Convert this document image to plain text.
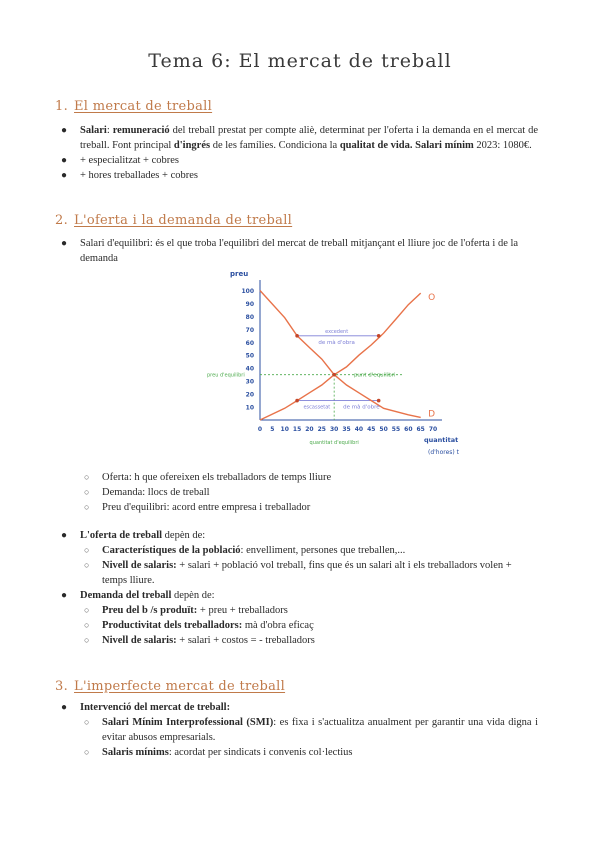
Tema 6: El mercat de treball
1. El mercat de treball
● Salari: remuneració del treball prestat per compte aliè, determinat per l'oferta i la demanda en el mercat de treball. Font principal d'ingrés de les famílies. Condiciona la qualitat de vida. Salari mínim 2023: 1080€.
● + especialitzat + cobres
● + hores treballades + cobres
2. L'oferta i la demanda de treball
● Salari d'equilibri: és el que troba l'equilibri del mercat de treball mitjançant el lliure joc de l'oferta i de la demanda
preu
quantitat
(d'hores) t
10
20
30
40
50
60
70
80
90
100
0 5 10 15 20 25 30 35 40 45 50 55 60 65 70
O
D
excedent
de mà d'obra
punt d'equilibri
escassetat de mà d'obre
preu d'equilibri
quantitat d'equilibri
○ Oferta: h que ofereixen els treballadors de temps lliure
○ Demanda: llocs de treball
○ Preu d'equilibri: acord entre empresa i treballador
● L'oferta de treball depèn de:
○ Característiques de la població: envelliment, persones que treballen,...
○ Nivell de salaris: + salari + població vol treball, fins que és un salari alt i els treballadors volen + temps lliure.
● Demanda del treball depèn de:
○ Preu del b /s produït: + preu + treballadors
○ Productivitat dels treballadors: mà d'obra eficaç
○ Nivell de salaris: + salari + costos = - treballadors
3. L'imperfecte mercat de treball
● Intervenció del mercat de treball:
○ Salari Mínim Interprofessional (SMI): es fixa i s'actualitza anualment per garantir una vida digna i evitar abusos empresarials.
○ Salaris mínims: acordat per sindicats i convenis col·lectius
